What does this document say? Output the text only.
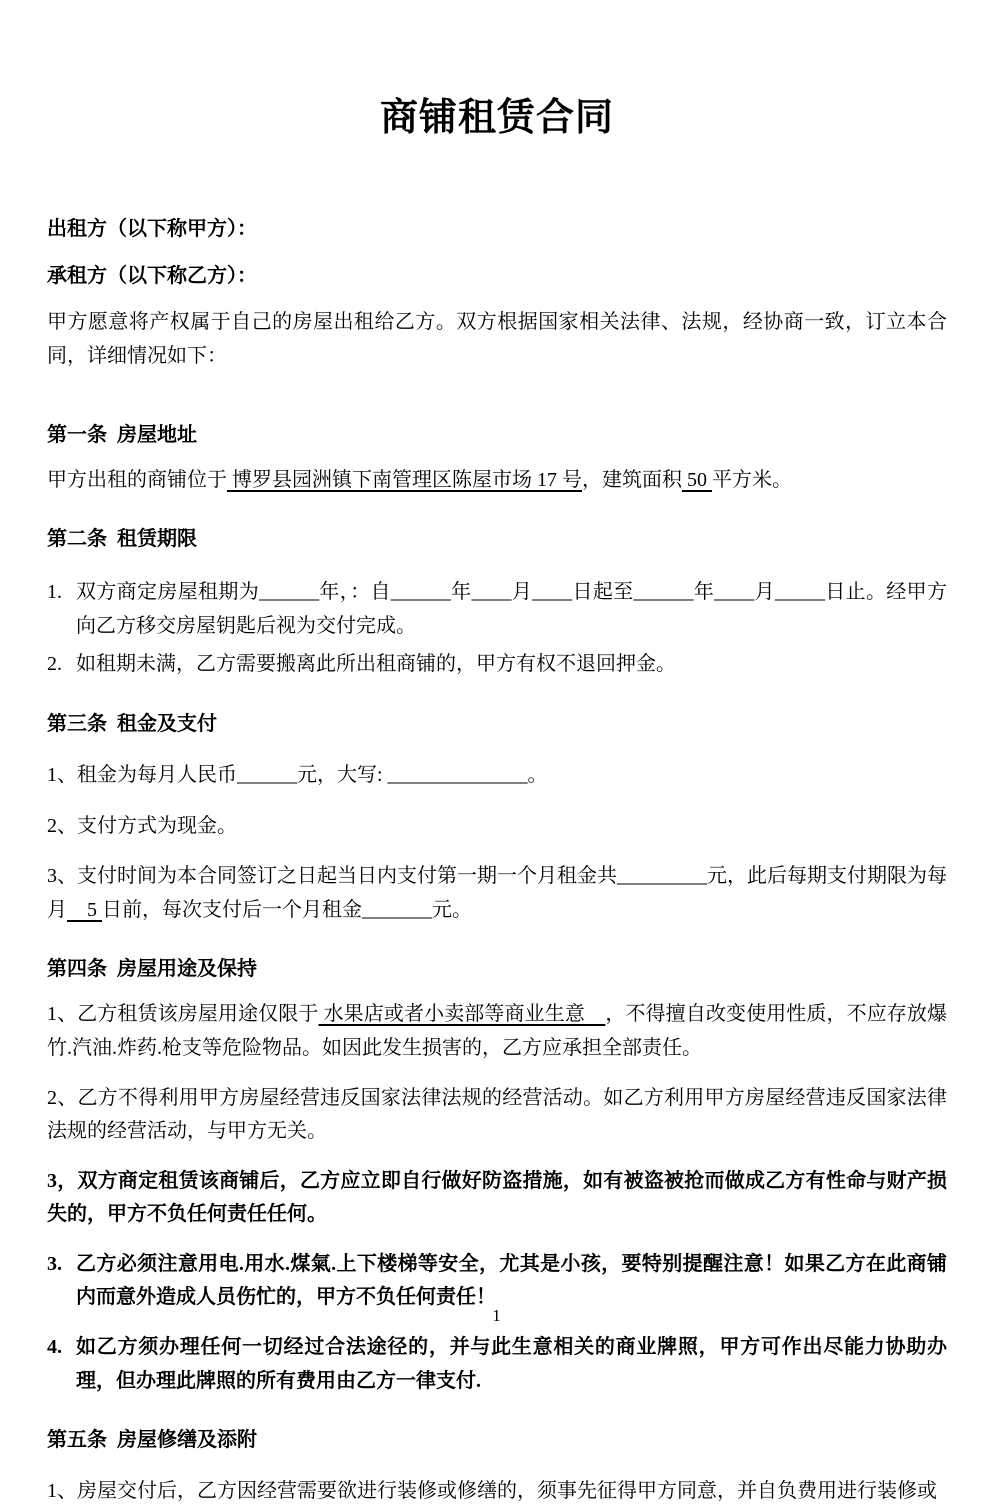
商铺租赁合同

出租方（以下称甲方）：

承租方（以下称乙方）：

甲方愿意将产权属于自己的房屋出租给乙方。双方根据国家相关法律、法规，经协商一致，订立本合同，详细情况如下：

第一条  房屋地址

甲方出租的商铺位于 博罗县园洲镇下南管理区陈屋市场 17 号，建筑面积 50 平方米。

第二条  租赁期限
1. 双方商定房屋租期为______年，：自______年____月____日起至______年____月_____日止。经甲方向乙方移交房屋钥匙后视为交付完成。
2. 如租期未满，乙方需要搬离此所出租商铺的，甲方有权不退回押金。
第三条  租金及支付

1、租金为每月人民币______元，大写: ______________。

2、支付方式为现金。

3、支付时间为本合同签订之日起当日内支付第一期一个月租金共_________元，此后每期支付期限为每月    5 日前，每次支付后一个月租金_______元。

第四条  房屋用途及保持

1、乙方租赁该房屋用途仅限于 水果店或者小卖部等商业生意    ，不得擅自改变使用性质，不应存放爆竹.汽油.炸药.枪支等危险物品。如因此发生损害的，乙方应承担全部责任。

2、乙方不得利用甲方房屋经营违反国家法律法规的经营活动。如乙方利用甲方房屋经营违反国家法律法规的经营活动，与甲方无关。

3，双方商定租赁该商铺后，乙方应立即自行做好防盗措施，如有被盗被抢而做成乙方有性命与财产损失的，甲方不负任何责任任何。

3. 乙方必须注意用电.用水.煤氣.上下楼梯等安全，尤其是小孩，要特别提醒注意！如果乙方在此商铺内而意外造成人员伤忙的，甲方不负任何责任！
4. 如乙方须办理任何一切经过合法途径的，并与此生意相关的商业牌照，甲方可作出尽能力协助办理，但办理此牌照的所有费用由乙方一律支付.
第五条  房屋修缮及添附

1、房屋交付后，乙方因经营需要欲进行装修或修缮的，须事先征得甲方同意，并自负费用进行装修或

1
